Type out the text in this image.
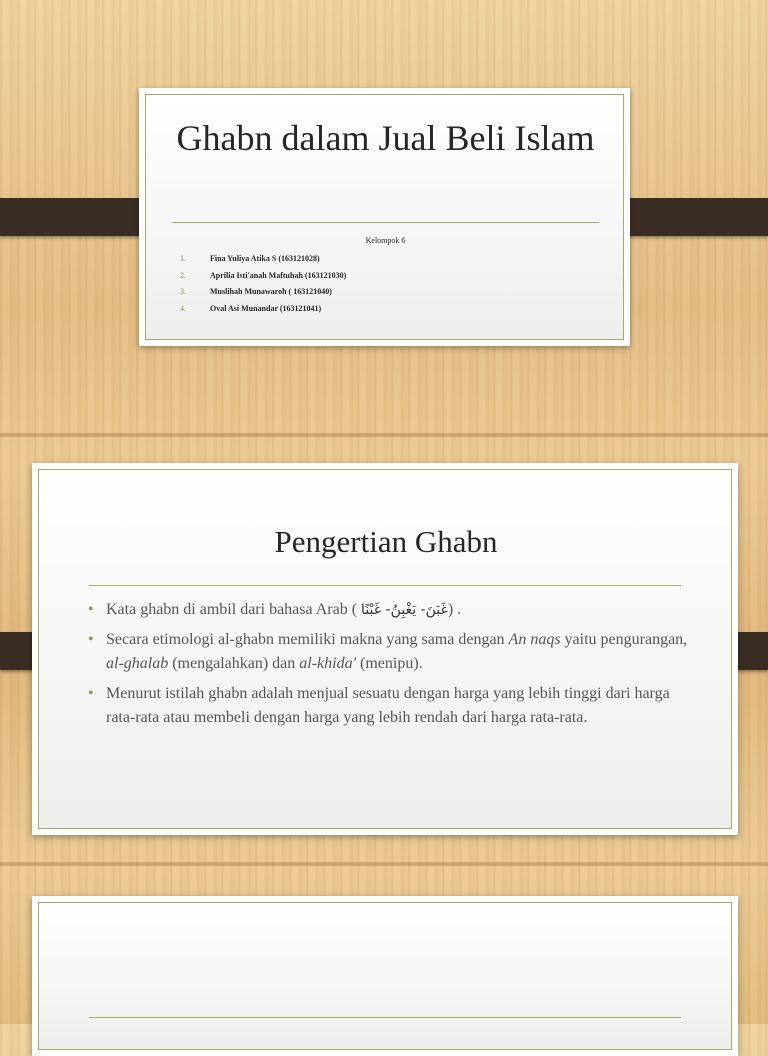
Ghabn dalam Jual Beli Islam
Kelompok 6
1.	Fina Yuliya Atika S (163121028)
2.	Aprilia Isti'anah Maftuhah (163121030)
3.	Muslihah Munawaroh ( 163121040)
4.	Oval Asi Munandar (163121041)
Pengertian Ghabn
• Kata ghabn di ambil dari bahasa Arab ( غَبَنَ- يَغْبِنُ- غَبْنًا) .
• Secara etimologi al-ghabn memiliki makna yang sama dengan An naqs yaitu pengurangan, al-ghalab (mengalahkan) dan al-khida' (menipu).
• Menurut istilah ghabn adalah menjual sesuatu dengan harga yang lebih tinggi dari harga rata-rata atau membeli dengan harga yang lebih rendah dari harga rata-rata.
